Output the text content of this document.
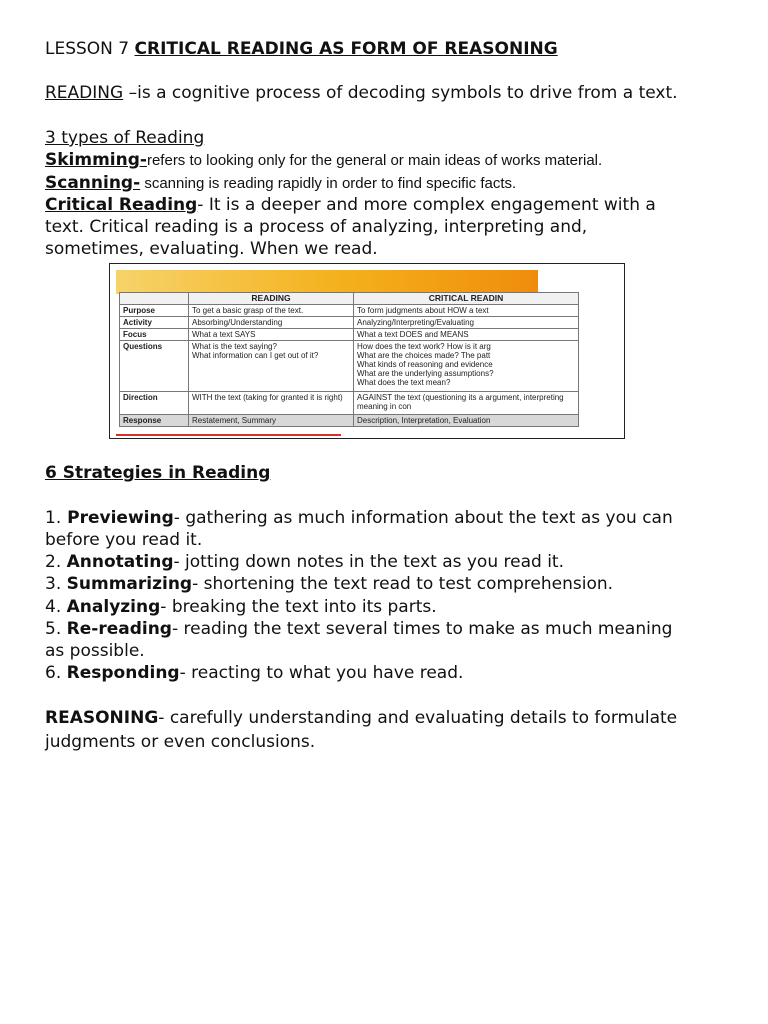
LESSON 7 CRITICAL READING AS FORM OF REASONING
READING –is a cognitive process of decoding symbols to drive from a text.
3 types of Reading
Skimming-refers to looking only for the general or main ideas of works material.
Scanning- scanning is reading rapidly in order to find specific facts.
Critical Reading- It is a deeper and more complex engagement with a
text. Critical reading is a process of analyzing, interpreting and,
sometimes, evaluating. When we read.
	READING	CRITICAL READIN
Purpose	To get a basic grasp of the text.	To form judgments about HOW a text
Activity	Absorbing/Understanding	Analyzing/Interpreting/Evaluating
Focus	What a text SAYS	What a text DOES and MEANS
Questions	What is the text saying?
What information can I get out of it?	How does the text work? How is it arg
What are the choices made? The patt
What kinds of reasoning and evidence
What are the underlying assumptions?
What does the text mean?
Direction	WITH the text (taking for granted it is right)	AGAINST the text (questioning its a argument, interpreting meaning in con
Response	Restatement, Summary	Description, Interpretation, Evaluation
6 Strategies in Reading
1. Previewing- gathering as much information about the text as you can
before you read it.
2. Annotating- jotting down notes in the text as you read it.
3. Summarizing- shortening the text read to test comprehension.
4. Analyzing- breaking the text into its parts.
5. Re-reading- reading the text several times to make as much meaning
as possible.
6. Responding- reacting to what you have read.
REASONING- carefully understanding and evaluating details to formulate
judgments or even conclusions.
